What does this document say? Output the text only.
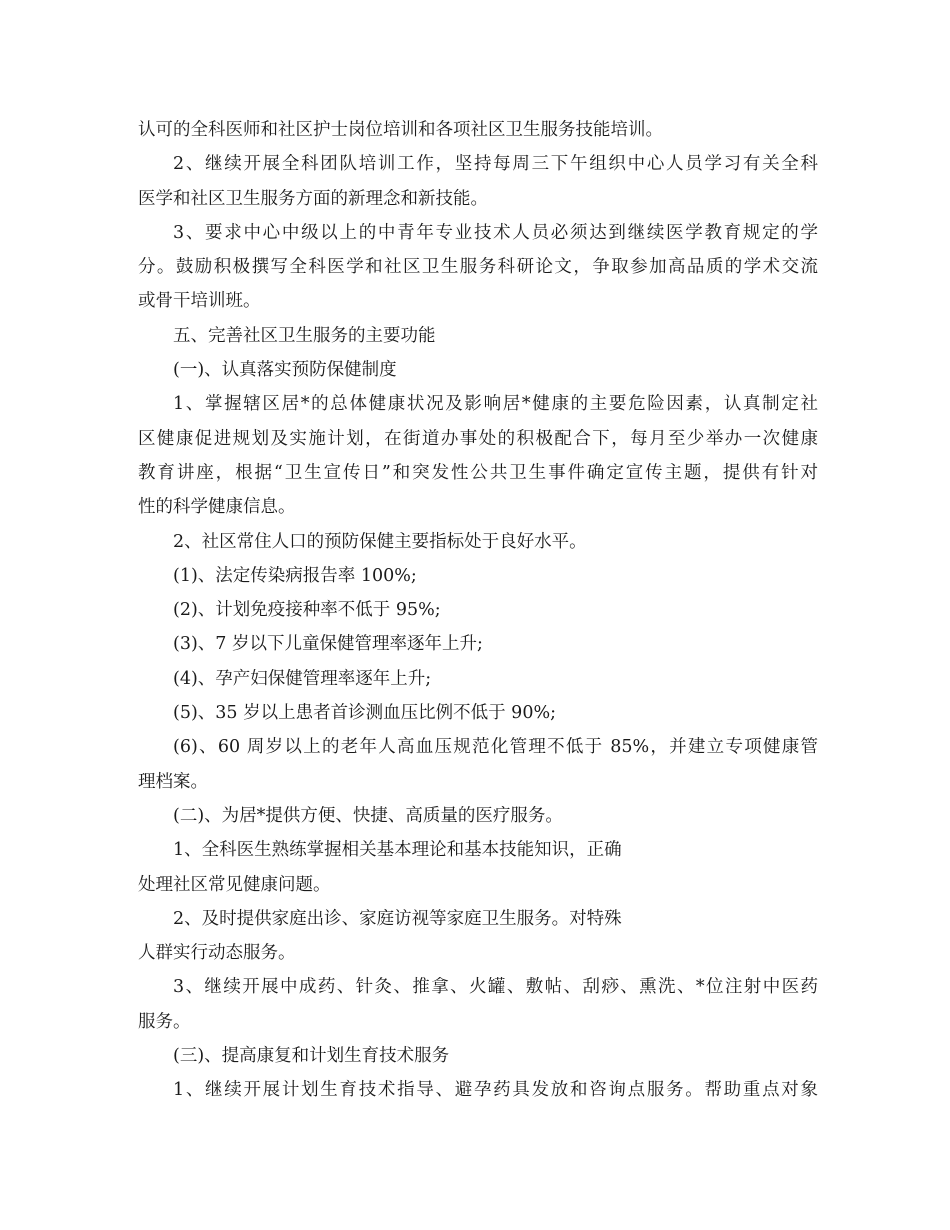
认可的全科医师和社区护士岗位培训和各项社区卫生服务技能培训。
2、继续开展全科团队培训工作，坚持每周三下午组织中心人员学习有关全科
医学和社区卫生服务方面的新理念和新技能。
3、要求中心中级以上的中青年专业技术人员必须达到继续医学教育规定的学
分。鼓励积极撰写全科医学和社区卫生服务科研论文，争取参加高品质的学术交流
或骨干培训班。
五、完善社区卫生服务的主要功能
(一)、认真落实预防保健制度
1、掌握辖区居*的总体健康状况及影响居*健康的主要危险因素，认真制定社
区健康促进规划及实施计划，在街道办事处的积极配合下，每月至少举办一次健康
教育讲座，根据“卫生宣传日”和突发性公共卫生事件确定宣传主题，提供有针对
性的科学健康信息。
2、社区常住人口的预防保健主要指标处于良好水平。
(1)、法定传染病报告率 100%;
(2)、计划免疫接种率不低于 95%;
(3)、7 岁以下儿童保健管理率逐年上升;
(4)、孕产妇保健管理率逐年上升;
(5)、35 岁以上患者首诊测血压比例不低于 90%;
(6)、60 周岁以上的老年人高血压规范化管理不低于 85%，并建立专项健康管
理档案。
(二)、为居*提供方便、快捷、高质量的医疗服务。
1、全科医生熟练掌握相关基本理论和基本技能知识，正确
处理社区常见健康问题。
2、及时提供家庭出诊、家庭访视等家庭卫生服务。对特殊
人群实行动态服务。
3、继续开展中成药、针灸、推拿、火罐、敷帖、刮痧、熏洗、*位注射中医药
服务。
(三)、提高康复和计划生育技术服务
1、继续开展计划生育技术指导、避孕药具发放和咨询点服务。帮助重点对象
